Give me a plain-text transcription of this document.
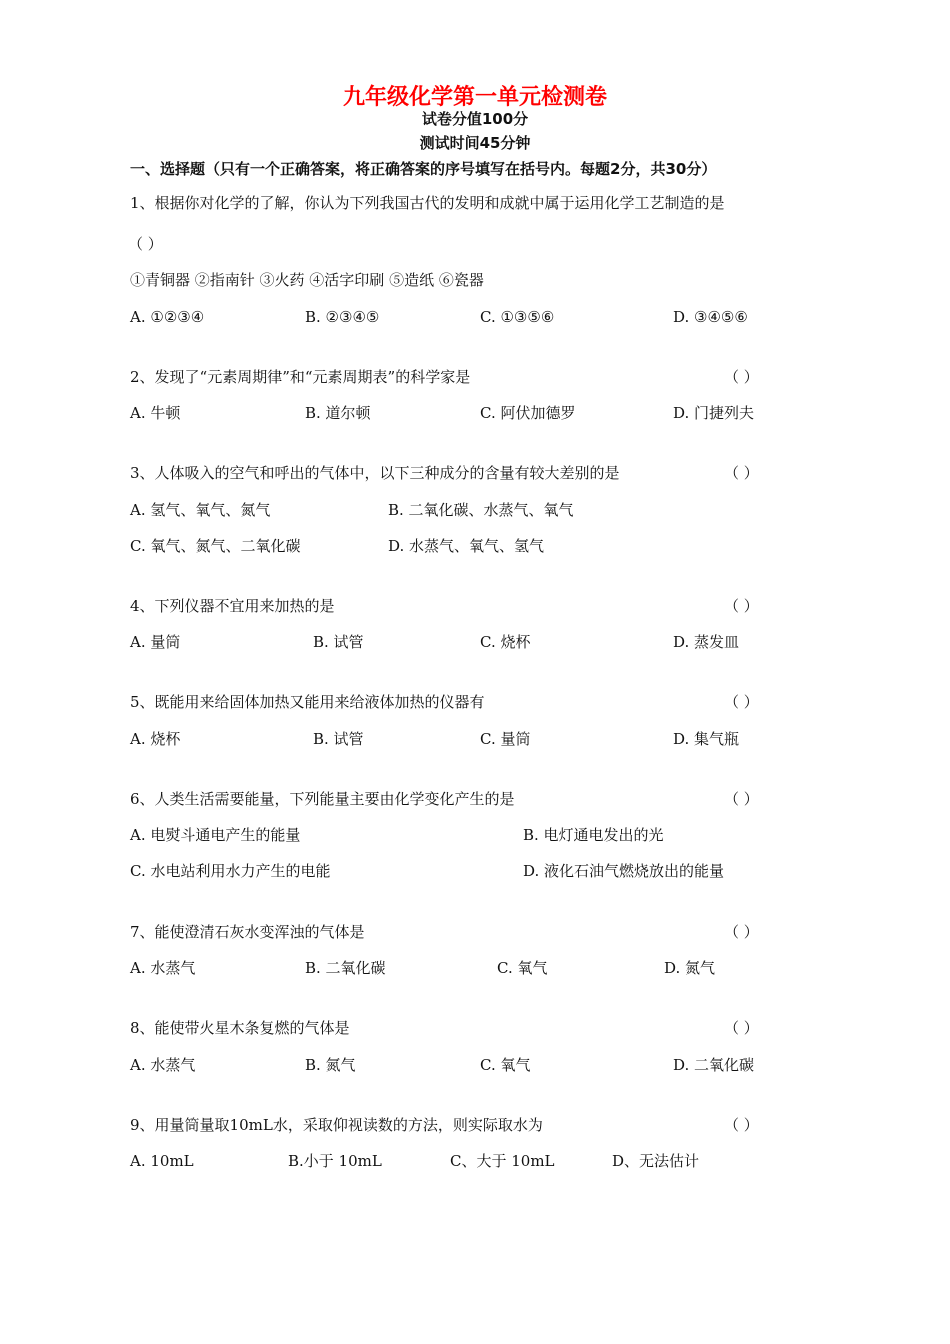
九年级化学第一单元检测卷
试卷分值100分
测试时间45分钟
一、选择题（只有一个正确答案，将正确答案的序号填写在括号内。每题2分，共30分）
1、根据你对化学的了解，你认为下列我国古代的发明和成就中属于运用化学工艺制造的是
（ ）
①青铜器 ②指南针 ③火药 ④活字印刷 ⑤造纸 ⑥瓷器
A. ①②③④	B. ②③④⑤	C. ①③⑤⑥	D. ③④⑤⑥
2、发现了“元素周期律”和“元素周期表”的科学家是	（ ）
A. 牛顿	B. 道尔顿	C. 阿伏加德罗	D. 门捷列夫
3、人体吸入的空气和呼出的气体中，以下三种成分的含量有较大差别的是	（ ）
A. 氢气、氧气、氮气	B. 二氧化碳、水蒸气、氧气
C. 氧气、氮气、二氧化碳	D. 水蒸气、氧气、氢气
4、下列仪器不宜用来加热的是	（ ）
A. 量筒	B. 试管	C. 烧杯	D. 蒸发皿
5、既能用来给固体加热又能用来给液体加热的仪器有	（ ）
A. 烧杯	B. 试管	C. 量筒	D. 集气瓶
6、人类生活需要能量，下列能量主要由化学变化产生的是	（ ）
A. 电熨斗通电产生的能量	B. 电灯通电发出的光
C. 水电站利用水力产生的电能	D. 液化石油气燃烧放出的能量
7、能使澄清石灰水变浑浊的气体是	（ ）
A. 水蒸气	B. 二氧化碳	C. 氧气	D. 氮气
8、能使带火星木条复燃的气体是	（ ）
A. 水蒸气	B. 氮气	C. 氧气	D. 二氧化碳
9、用量筒量取10mL水，采取仰视读数的方法，则实际取水为	（ ）
A. 10mL	B.小于 10mL	C、大于 10mL	D、无法估计
